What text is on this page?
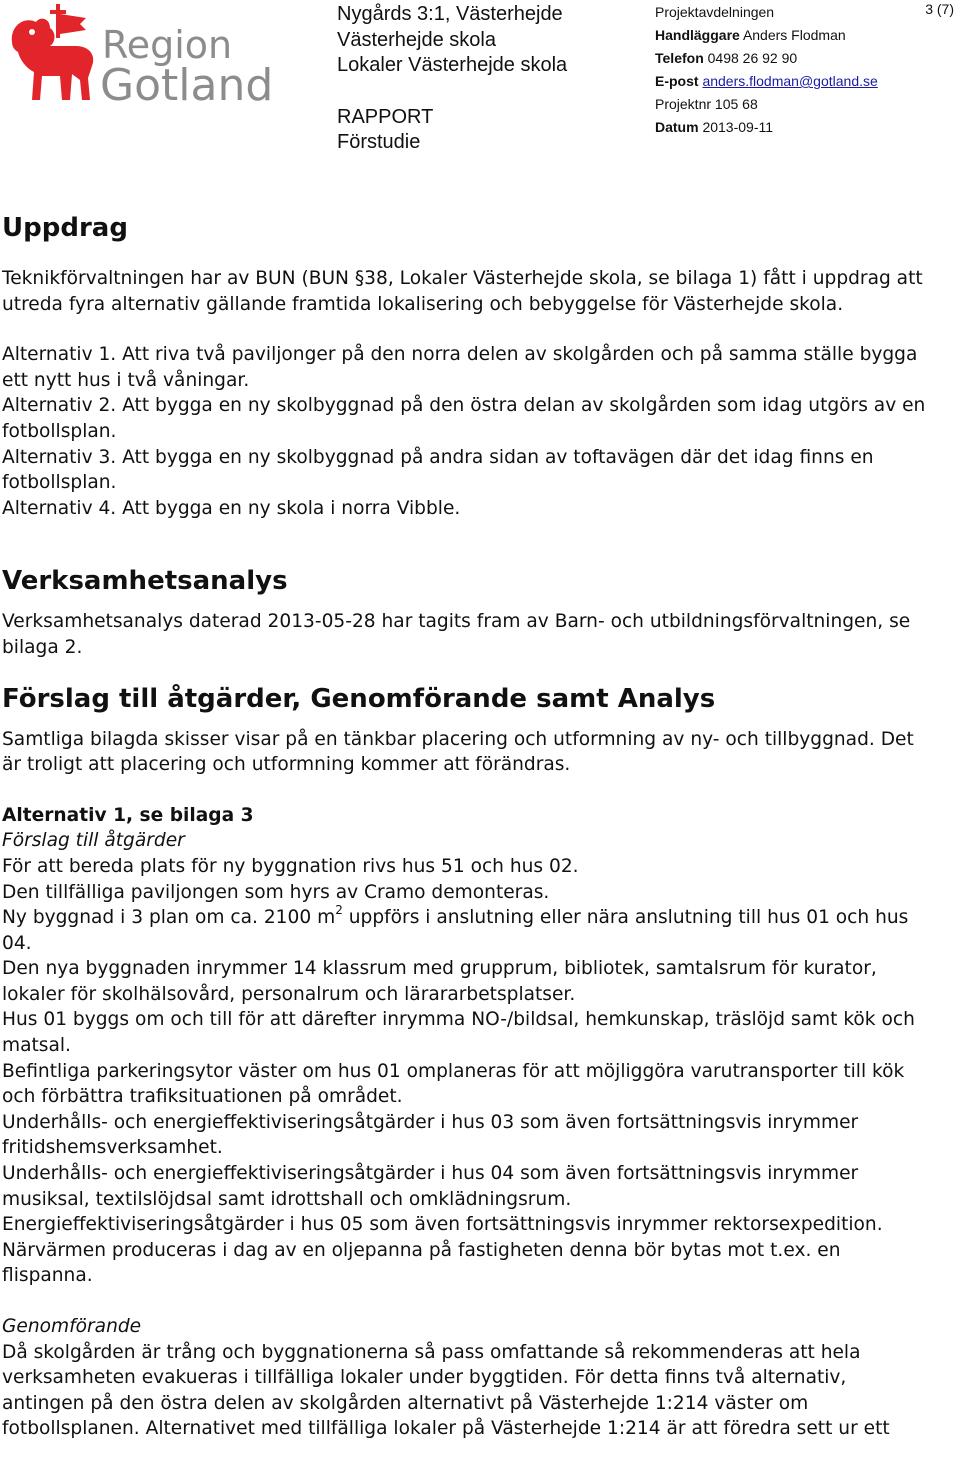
Region
Gotland
Nygårds 3:1, Västerhejde
Västerhejde skola
Lokaler Västerhejde skola
RAPPORT
Förstudie
Projektavdelningen
Handläggare Anders Flodman
Telefon 0498 26 92 90
E-post anders.flodman@gotland.se
Projektnr 105 68
Datum 2013-09-11
3 (7)
Uppdrag

Teknikförvaltningen har av BUN (BUN §38, Lokaler Västerhejde skola, se bilaga 1) fått i uppdrag att utreda fyra alternativ gällande framtida lokalisering och bebyggelse för Västerhejde skola.

Alternativ 1. Att riva två paviljonger på den norra delen av skolgården och på samma ställe bygga ett nytt hus i två våningar.

Alternativ 2. Att bygga en ny skolbyggnad på den östra delan av skolgården som idag utgörs av en fotbollsplan.

Alternativ 3. Att bygga en ny skolbyggnad på andra sidan av toftavägen där det idag finns en fotbollsplan.

Alternativ 4. Att bygga en ny skola i norra Vibble.

Verksamhetsanalys

Verksamhetsanalys daterad 2013-05-28 har tagits fram av Barn- och utbildningsförvaltningen, se bilaga 2.

Förslag till åtgärder, Genomförande samt Analys

Samtliga bilagda skisser visar på en tänkbar placering och utformning av ny- och tillbyggnad. Det är troligt att placering och utformning kommer att förändras.

Alternativ 1, se bilaga 3

Förslag till åtgärder

För att bereda plats för ny byggnation rivs hus 51 och hus 02.

Den tillfälliga paviljongen som hyrs av Cramo demonteras.

Ny byggnad i 3 plan om ca. 2100 $m^2$ uppförs i anslutning eller nära anslutning till hus 01 och hus 04.

Den nya byggnaden inrymmer 14 klassrum med grupprum, bibliotek, samtalsrum för kurator, lokaler för skolhälsovård, personalrum och lärararbetsplatser.

Hus 01 byggs om och till för att därefter inrymma NO-/bildsal, hemkunskap, träslöjd samt kök och matsal.

Befintliga parkeringsytor väster om hus 01 omplaneras för att möjliggöra varutransporter till kök och förbättra trafiksituationen på området.

Underhålls- och energieffektiviseringsåtgärder i hus 03 som även fortsättningsvis inrymmer fritidshemsverksamhet.

Underhålls- och energieffektiviseringsåtgärder i hus 04 som även fortsättningsvis inrymmer musiksal, textilslöjdsal samt idrottshall och omklädningsrum.

Energieffektiviseringsåtgärder i hus 05 som även fortsättningsvis inrymmer rektorsexpedition.

Närvärmen produceras i dag av en oljepanna på fastigheten denna bör bytas mot t.ex. en flispanna.

Genomförande

Då skolgården är trång och byggnationerna så pass omfattande så rekommenderas att hela verksamheten evakueras i tillfälliga lokaler under byggtiden. För detta finns två alternativ, antingen på den östra delen av skolgården alternativt på Västerhejde 1:214 väster om fotbollsplanen. Alternativet med tillfälliga lokaler på Västerhejde 1:214 är att föredra sett ur ett
